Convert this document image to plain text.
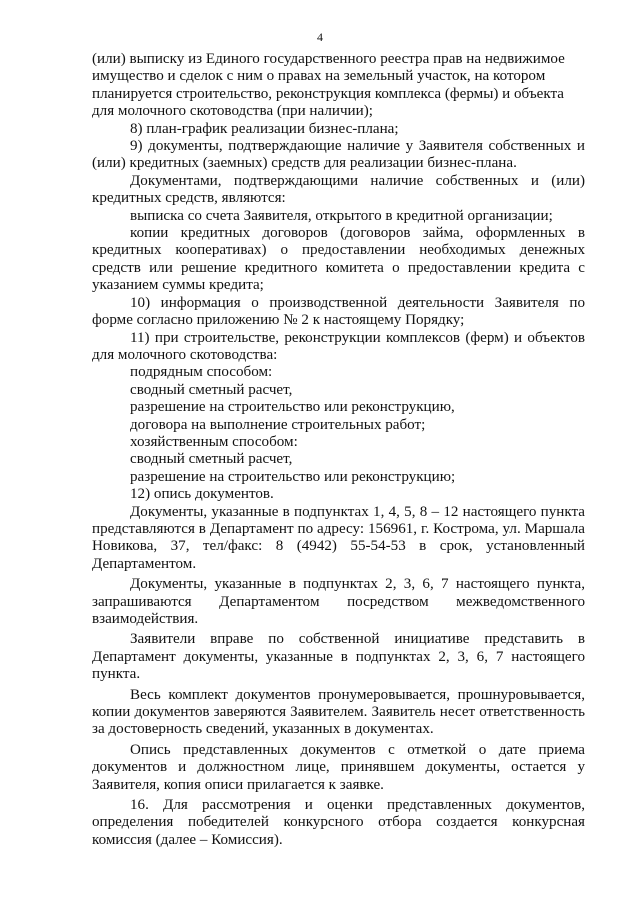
4

(или) выписку из Единого государственного реестра прав на недвижимое имущество и сделок с ним о правах на земельный участок, на котором планируется строительство, реконструкция комплекса (фермы) и объекта для молочного скотоводства (при наличии);

8) план-график реализации бизнес-плана;

9) документы, подтверждающие наличие у Заявителя собственных и (или) кредитных (заемных) средств для реализации бизнес-плана.

Документами, подтверждающими наличие собственных и (или) кредитных средств, являются:

выписка со счета Заявителя, открытого в кредитной организации;

копии кредитных договоров (договоров займа, оформленных в кредитных кооперативах) о предоставлении необходимых денежных средств или решение кредитного комитета о предоставлении кредита с указанием суммы кредита;

10) информация о производственной деятельности Заявителя по форме согласно приложению № 2 к настоящему Порядку;

11) при строительстве, реконструкции комплексов (ферм) и объектов для молочного скотоводства:

подрядным способом:

сводный сметный расчет,

разрешение на строительство или реконструкцию,

договора на выполнение строительных работ;

хозяйственным способом:

сводный сметный расчет,

разрешение на строительство или реконструкцию;

12) опись документов.

Документы, указанные в подпунктах 1, 4, 5, 8 – 12 настоящего пункта представляются в Департамент по адресу: 156961, г. Кострома, ул. Маршала Новикова, 37, тел/факс: 8 (4942) 55-54-53 в срок, установленный Департаментом.

Документы, указанные в подпунктах 2, 3, 6, 7 настоящего пункта, запрашиваются Департаментом посредством межведомственного взаимодействия.

Заявители вправе по собственной инициативе представить в Департамент документы, указанные в подпунктах 2, 3, 6, 7 настоящего пункта.

Весь комплект документов пронумеровывается, прошнуровывается, копии документов заверяются Заявителем. Заявитель несет ответственность за достоверность сведений, указанных в документах.

Опись представленных документов с отметкой о дате приема документов и должностном лице, принявшем документы, остается у Заявителя, копия описи прилагается к заявке.

16. Для рассмотрения и оценки представленных документов, определения победителей конкурсного отбора создается конкурсная комиссия (далее – Комиссия).
